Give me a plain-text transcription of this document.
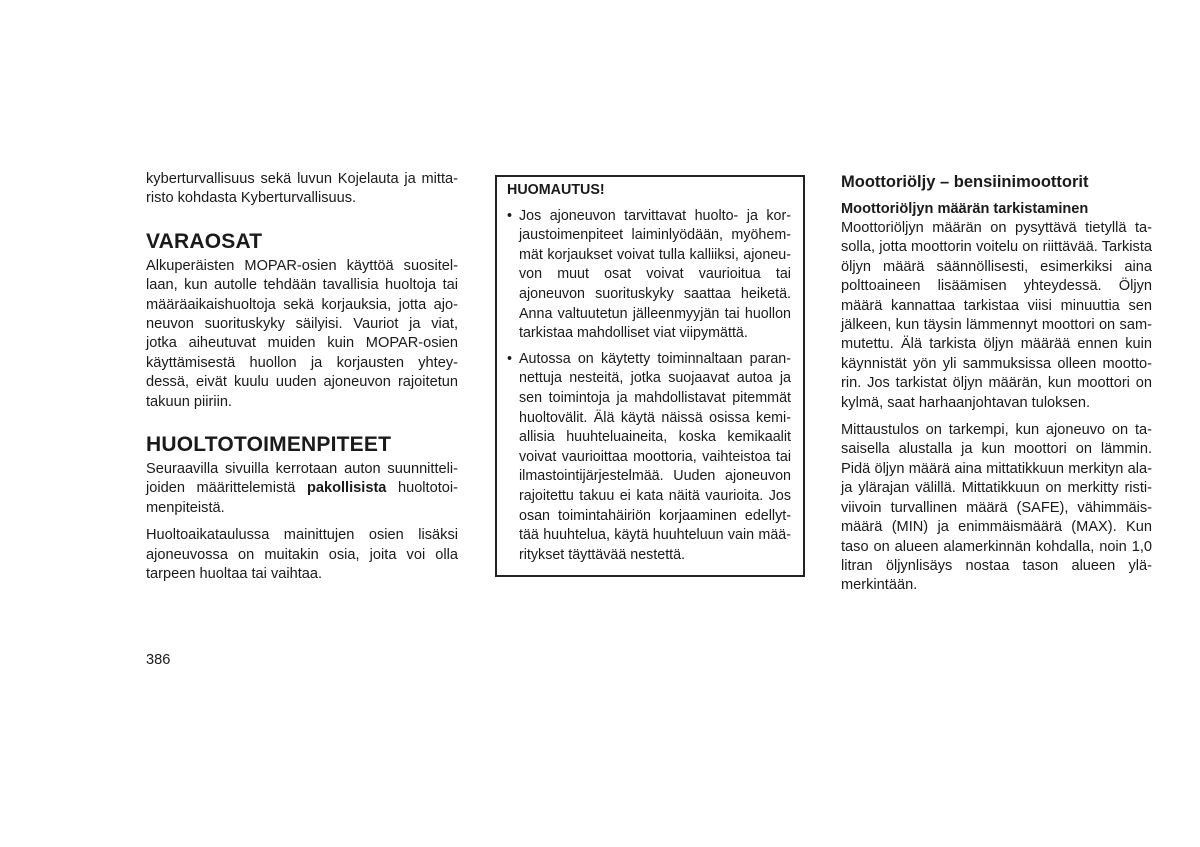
kyberturvallisuus sekä luvun Kojelauta ja mitta-risto kohdasta Kyberturvallisuus.

VARAOSAT

Alkuperäisten MOPAR-osien käyttöä suositel-laan, kun autolle tehdään tavallisia huoltoja tai määräaikaishuoltoja sekä korjauksia, jotta ajo-neuvon suorituskyky säilyisi. Vauriot ja viat, jotka aiheutuvat muiden kuin MOPAR-osien käyttämisestä huollon ja korjausten yhtey-dessä, eivät kuulu uuden ajoneuvon rajoitetun takuun piiriin.

HUOLTOTOIMENPITEET

Seuraavilla sivuilla kerrotaan auton suunnitteli-joiden määrittelemistä pakollisista huoltotoi-menpiteistä.

Huoltoaikataulussa mainittujen osien lisäksi ajoneuvossa on muitakin osia, joita voi olla tarpeen huoltaa tai vaihtaa.

HUOMAUTUS!
• Jos ajoneuvon tarvittavat huolto- ja kor-jaustoimenpiteet laiminlyödään, myöhem-mät korjaukset voivat tulla kalliiksi, ajoneu-von muut osat voivat vaurioitua tai ajoneuvon suorituskyky saattaa heiketä. Anna valtuutetun jälleenmyyjän tai huollon tarkistaa mahdolliset viat viipymättä.
• Autossa on käytetty toiminnaltaan paran-nettuja nesteitä, jotka suojaavat autoa ja sen toimintoja ja mahdollistavat pitemmät huoltovälit. Älä käytä näissä osissa kemi-allisia huuhteluaineita, koska kemikaalit voivat vaurioittaa moottoria, vaihteistoa tai ilmastointijärjestelmää. Uuden ajoneuvon rajoitettu takuu ei kata näitä vaurioita. Jos osan toimintahäiriön korjaaminen edellyt-tää huuhtelua, käytä huuhteluun vain mää-ritykset täyttävää nestettä.
Moottoriöljy – bensiinimoottorit
Moottoriöljyn määrän tarkistaminen

Moottoriöljyn määrän on pysyttävä tietyllä ta-solla, jotta moottorin voitelu on riittävää. Tarkista öljyn määrä säännöllisesti, esimerkiksi aina polttoaineen lisäämisen yhteydessä. Öljyn määrä kannattaa tarkistaa viisi minuuttia sen jälkeen, kun täysin lämmennyt moottori on sam-mutettu. Älä tarkista öljyn määrää ennen kuin käynnistät yön yli sammuksissa olleen mootto-rin. Jos tarkistat öljyn määrän, kun moottori on kylmä, saat harhaanjohtavan tuloksen.

Mittaustulos on tarkempi, kun ajoneuvo on ta-saisella alustalla ja kun moottori on lämmin. Pidä öljyn määrä aina mittatikkuun merkityn ala-ja ylärajan välillä. Mittatikkuun on merkitty risti-viivoin turvallinen määrä (SAFE), vähimmäis-määrä (MIN) ja enimmäismäärä (MAX). Kun taso on alueen alamerkinnän kohdalla, noin 1,0 litran öljynlisäys nostaa tason alueen ylä-merkintään.

386
